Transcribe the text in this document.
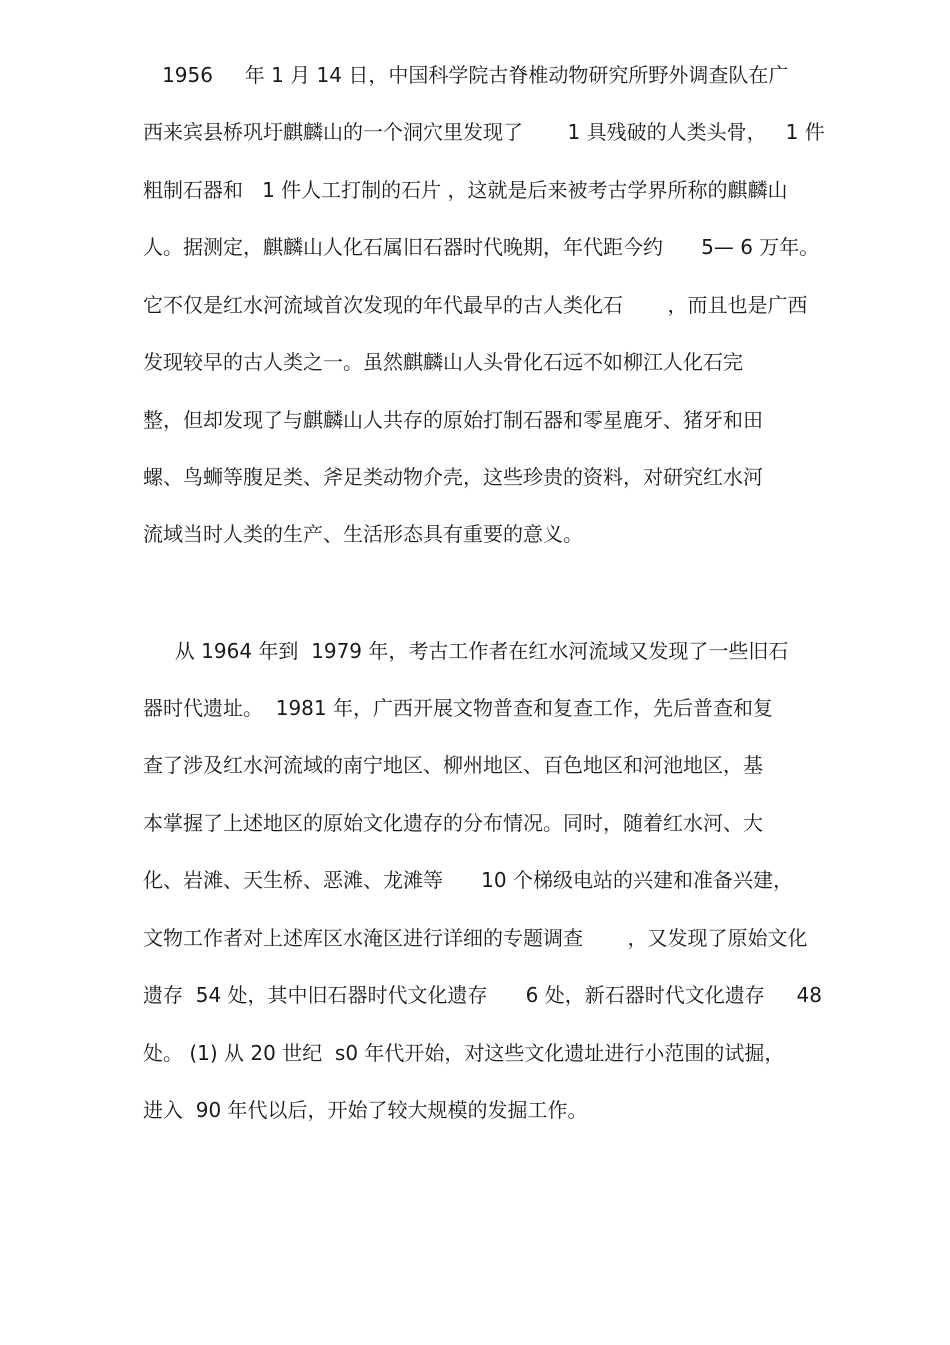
1956     年 1 月 14 日，中国科学院古脊椎动物研究所野外调查队在广
西来宾县桥巩圩麒麟山的一个洞穴里发现了       1 具残破的人类头骨，   1 件
粗制石器和   1 件人工打制的石片 ，这就是后来被考古学界所称的麒麟山
人。据测定，麒麟山人化石属旧石器时代晚期，年代距今约      5— 6 万年。
它不仅是红水河流域首次发现的年代最早的古人类化石       ，而且也是广西
发现较早的古人类之一。虽然麒麟山人头骨化石远不如柳江人化石完
整，但却发现了与麒麟山人共存的原始打制石器和零星鹿牙、猪牙和田
螺、鸟蛳等腹足类、斧足类动物介壳，这些珍贵的资料，对研究红水河
流域当时人类的生产、生活形态具有重要的意义。
从 1964 年到  1979 年，考古工作者在红水河流域又发现了一些旧石
器时代遗址。  1981 年，广西开展文物普查和复查工作，先后普查和复
查了涉及红水河流域的南宁地区、柳州地区、百色地区和河池地区，基
本掌握了上述地区的原始文化遗存的分布情况。同时，随着红水河、大
化、岩滩、天生桥、恶滩、龙滩等      10 个梯级电站的兴建和准备兴建，
文物工作者对上述库区水淹区进行详细的专题调查       ，又发现了原始文化
遗存  54 处，其中旧石器时代文化遗存      6 处，新石器时代文化遗存     48
处。 (1) 从 20 世纪  s0 年代开始，对这些文化遗址进行小范围的试掘，
进入  90 年代以后，开始了较大规模的发掘工作。
